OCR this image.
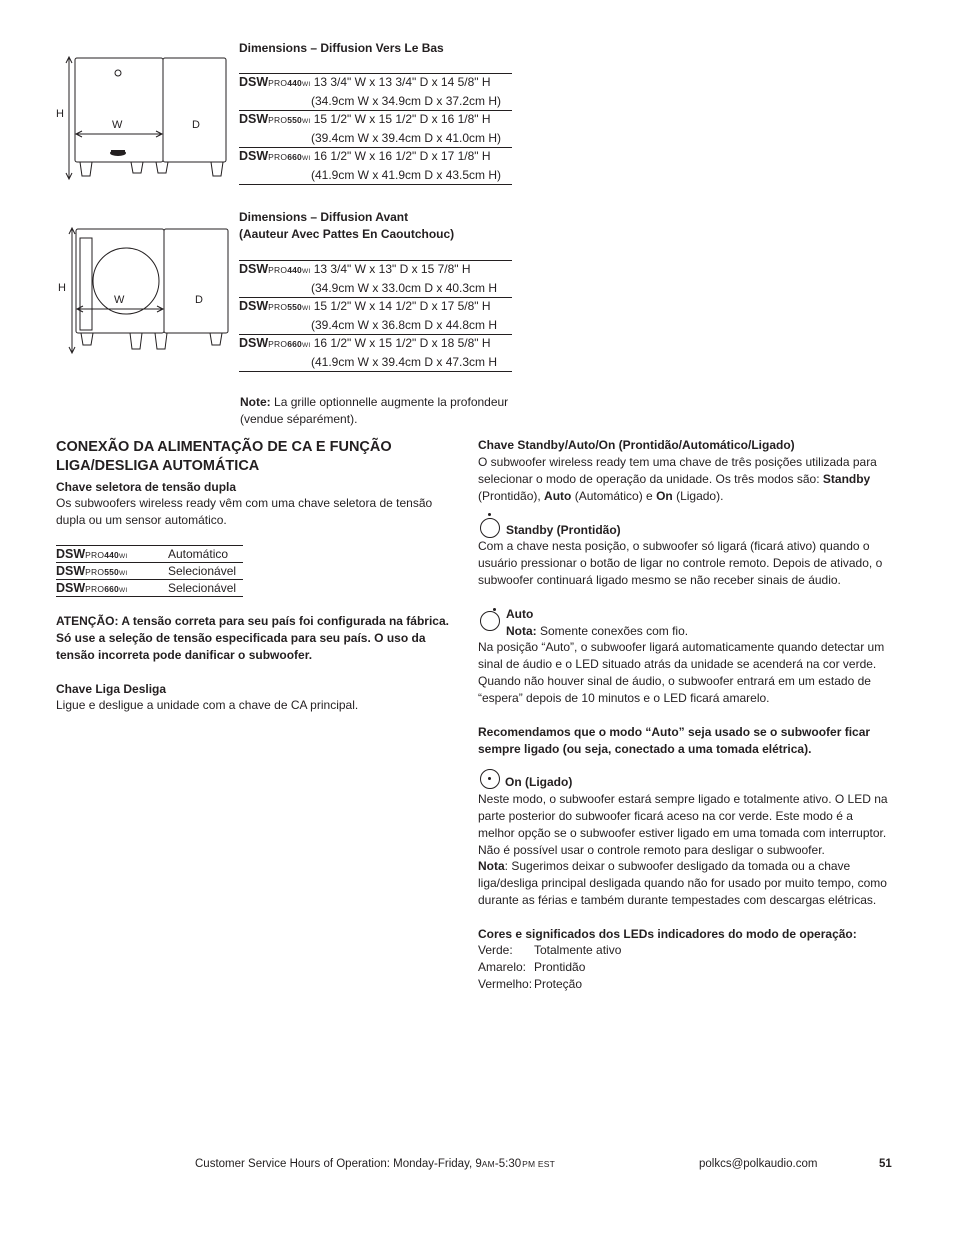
H
W	D
Dimensions – Diffusion Vers Le Bas
DSWPRO440WI 13 3/4" W x 13 3/4" D x 14 5/8" H
(34.9cm W x 34.9cm D x 37.2cm H)
DSWPRO550WI 15 1/2" W x 15 1/2" D x 16 1/8" H
(39.4cm W x 39.4cm D x 41.0cm H)
DSWPRO660WI 16 1/2" W x 16 1/2" D x 17 1/8" H
(41.9cm W x 41.9cm D x 43.5cm H)
H
W	D
Dimensions – Diffusion Avant
(Aauteur Avec Pattes En Caoutchouc)
DSWPRO440WI 13 3/4" W x 13" D x 15 7/8" H
(34.9cm W x 33.0cm D x 40.3cm H
DSWPRO550WI 15 1/2" W x 14 1/2" D x 17 5/8" H
(39.4cm W x 36.8cm D x 44.8cm H
DSWPRO660WI 16 1/2" W x 15 1/2" D x 18 5/8" H
(41.9cm W x 39.4cm D x 47.3cm H
Note: La grille optionnelle augmente la profondeur (vendue séparément).
CONEXÃO DA ALIMENTAÇÃO DE CA E FUNÇÃO
LIGA/DESLIGA AUTOMÁTICA
Chave seletora de tensão dupla
Os subwoofers wireless ready vêm com uma chave seletora de tensão dupla ou um sensor automático.
DSWPRO440WI	Automático
DSWPRO550WI	Selecionável
DSWPRO660WI	Selecionável
ATENÇÃO: A tensão correta para seu país foi configurada na fábrica. Só use a seleção de tensão especificada para seu país. O uso da tensão incorreta pode danificar o subwoofer.
Chave Liga Desliga
Ligue e desligue a unidade com a chave de CA principal.
Chave Standby/Auto/On (Prontidão/Automático/Ligado)
O subwoofer wireless ready tem uma chave de três posições utilizada para selecionar o modo de operação da unidade. Os três modos são: Standby (Prontidão), Auto (Automático) e On (Ligado).
Standby (Prontidão)
Com a chave nesta posição, o subwoofer só ligará (ficará ativo) quando o usuário pressionar o botão de ligar no controle remoto. Depois de ativado, o subwoofer continuará ligado mesmo se não receber sinais de áudio.
Auto
Nota: Somente conexões com fio.
Na posição “Auto”, o subwoofer ligará automaticamente quando detectar um sinal de áudio e o LED situado atrás da unidade se acenderá na cor verde. Quando não houver sinal de áudio, o subwoofer entrará em um estado de “espera” depois de 10 minutos e o LED ficará amarelo.
Recomendamos que o modo “Auto” seja usado se o subwoofer ficar sempre ligado (ou seja, conectado a uma tomada elétrica).
On (Ligado)
Neste modo, o subwoofer estará sempre ligado e totalmente ativo. O LED na parte posterior do subwoofer ficará aceso na cor verde. Este modo é a melhor opção se o subwoofer estiver ligado em uma tomada com interruptor. Não é possível usar o controle remoto para desligar o subwoofer.
Nota: Sugerimos deixar o subwoofer desligado da tomada ou a chave liga/desliga principal desligada quando não for usado por muito tempo, como durante as férias e também durante tempestades com descargas elétricas.
Cores e significados dos LEDs indicadores do modo de operação:
Verde:	Totalmente ativo
Amarelo: Prontidão
Vermelho: Proteção
Customer Service Hours of Operation: Monday-Friday, 9AM-5:30PM EST	polkcs@polkaudio.com	51
